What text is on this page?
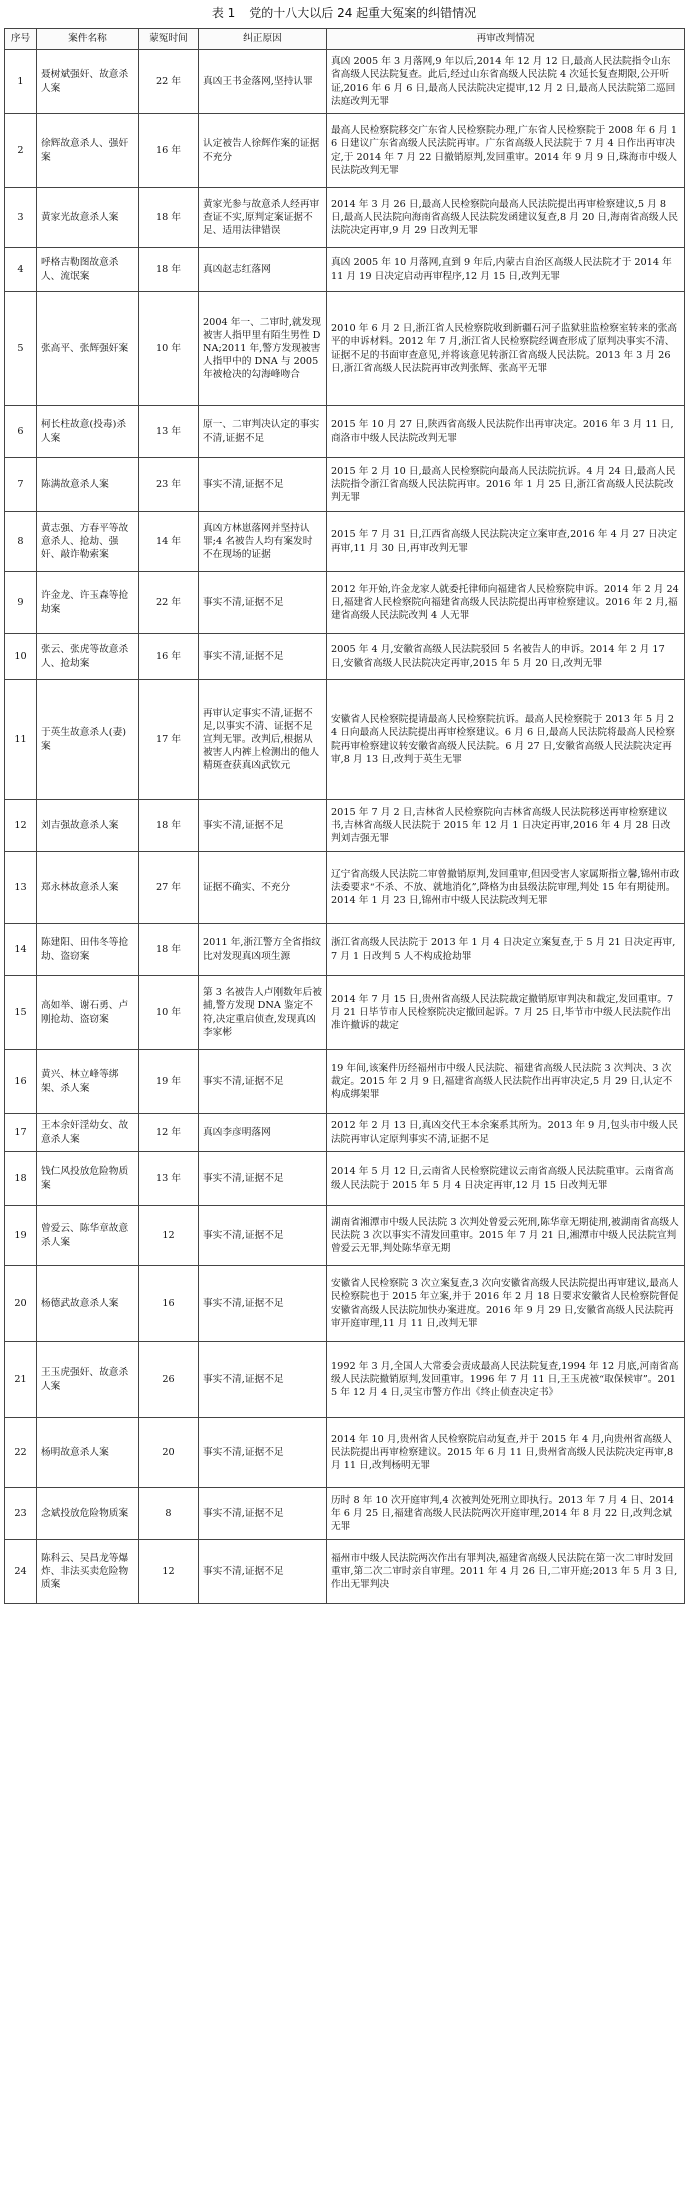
表 1 党的十八大以后 24 起重大冤案的纠错情况
序号	案件名称	蒙冤时间	纠正原因	再审改判情况
1	聂树斌强奸、故意杀人案	22 年	真凶王书金落网,坚持认罪	真凶 2005 年 3 月落网,9 年以后,2014 年 12 月 12 日,最高人民法院指令山东省高级人民法院复查。此后,经过山东省高级人民法院 4 次延长复查期限,公开听证,2016 年 6 月 6 日,最高人民法院决定提审,12 月 2 日,最高人民法院第二巡回法庭改判无罪
2	徐辉故意杀人、强奸案	16 年	认定被告人徐辉作案的证据不充分	最高人民检察院移交广东省人民检察院办理,广东省人民检察院于 2008 年 6 月 16 日建议广东省高级人民法院再审。广东省高级人民法院于 7 月 4 日作出再审决定,于 2014 年 7 月 22 日撤销原判,发回重审。2014 年 9 月 9 日,珠海市中级人民法院改判无罪
3	黄家光故意杀人案	18 年	黄家光参与故意杀人经再审查证不实,原判定案证据不足、适用法律错误	2014 年 3 月 26 日,最高人民检察院向最高人民法院提出再审检察建议,5 月 8 日,最高人民法院向海南省高级人民法院发函建议复查,8 月 20 日,海南省高级人民法院决定再审,9 月 29 日改判无罪
4	呼格吉勒图故意杀人、流氓案	18 年	真凶赵志红落网	真凶 2005 年 10 月落网,直到 9 年后,内蒙古自治区高级人民法院才于 2014 年 11 月 19 日决定启动再审程序,12 月 15 日,改判无罪
5	张高平、张辉强奸案	10 年	2004 年一、二审时,就发现被害人指甲里有陌生男性 DNA;2011 年,警方发现被害人指甲中的 DNA 与 2005 年被枪决的勾海峰吻合	2010 年 6 月 2 日,浙江省人民检察院收到新疆石河子监狱驻监检察室转来的张高平的申诉材料。2012 年 7 月,浙江省人民检察院经调查形成了原判决事实不清、证据不足的书面审查意见,并将该意见转浙江省高级人民法院。2013 年 3 月 26 日,浙江省高级人民法院再审改判张辉、张高平无罪
6	柯长柱故意(投毒)杀人案	13 年	原一、二审判决认定的事实不清,证据不足	2015 年 10 月 27 日,陕西省高级人民法院作出再审决定。2016 年 3 月 11 日,商洛市中级人民法院改判无罪
7	陈满故意杀人案	23 年	事实不清,证据不足	2015 年 2 月 10 日,最高人民检察院向最高人民法院抗诉。4 月 24 日,最高人民法院指令浙江省高级人民法院再审。2016 年 1 月 25 日,浙江省高级人民法院改判无罪
8	黄志强、方春平等故意杀人、抢劫、强奸、敲诈勒索案	14 年	真凶方林崽落网并坚持认罪;4 名被告人均有案发时不在现场的证据	2015 年 7 月 31 日,江西省高级人民法院决定立案审查,2016 年 4 月 27 日决定再审,11 月 30 日,再审改判无罪
9	许金龙、许玉森等抢劫案	22 年	事实不清,证据不足	2012 年开始,许金龙家人就委托律师向福建省人民检察院申诉。2014 年 2 月 24 日,福建省人民检察院向福建省高级人民法院提出再审检察建议。2016 年 2 月,福建省高级人民法院改判 4 人无罪
10	张云、张虎等故意杀人、抢劫案	16 年	事实不清,证据不足	2005 年 4 月,安徽省高级人民法院驳回 5 名被告人的申诉。2014 年 2 月 17 日,安徽省高级人民法院决定再审,2015 年 5 月 20 日,改判无罪
11	于英生故意杀人(妻)案	17 年	再审认定事实不清,证据不足,以事实不清、证据不足宣判无罪。改判后,根据从被害人内裤上检测出的他人精斑查获真凶武钦元	安徽省人民检察院提请最高人民检察院抗诉。最高人民检察院于 2013 年 5 月 24 日向最高人民法院提出再审检察建议。6 月 6 日,最高人民法院将最高人民检察院再审检察建议转安徽省高级人民法院。6 月 27 日,安徽省高级人民法院决定再审,8 月 13 日,改判于英生无罪
12	刘吉强故意杀人案	18 年	事实不清,证据不足	2015 年 7 月 2 日,吉林省人民检察院向吉林省高级人民法院移送再审检察建议书,吉林省高级人民法院于 2015 年 12 月 1 日决定再审,2016 年 4 月 28 日改判刘吉强无罪
13	郑永林故意杀人案	27 年	证据不确实、不充分	辽宁省高级人民法院二审曾撤销原判,发回重审,但因受害人家属斯指立馨,锦州市政法委要求“不杀、不放、就地消化”,降格为由县级法院审理,判处 15 年有期徒刑。2014 年 1 月 23 日,锦州市中级人民法院改判无罪
14	陈建阳、田伟冬等抢劫、盗窃案	18 年	2011 年,浙江警方全省指纹比对发现真凶项生源	浙江省高级人民法院于 2013 年 1 月 4 日决定立案复查,于 5 月 21 日决定再审,7 月 1 日改判 5 人不构成抢劫罪
15	高如举、谢石勇、卢刚抢劫、盗窃案	10 年	第 3 名被告人卢刚数年后被捕,警方发现 DNA 鉴定不符,决定重启侦查,发现真凶李家彬	2014 年 7 月 15 日,贵州省高级人民法院裁定撤销原审判决和裁定,发回重审。7 月 21 日毕节市人民检察院决定撤回起诉。7 月 25 日,毕节市中级人民法院作出准许撤诉的裁定
16	黄兴、林立峰等绑架、杀人案	19 年	事实不清,证据不足	19 年间,该案件历经福州市中级人民法院、福建省高级人民法院 3 次判决、3 次裁定。2015 年 2 月 9 日,福建省高级人民法院作出再审决定,5 月 29 日,认定不构成绑架罪
17	王本余奸淫幼女、故意杀人案	12 年	真凶李彦明落网	2012 年 2 月 13 日,真凶交代王本余案系其所为。2013 年 9 月,包头市中级人民法院再审认定原判事实不清,证据不足
18	钱仁风投放危险物质案	13 年	事实不清,证据不足	2014 年 5 月 12 日,云南省人民检察院建议云南省高级人民法院重审。云南省高级人民法院于 2015 年 5 月 4 日决定再审,12 月 15 日改判无罪
19	曾爱云、陈华章故意杀人案	12	事实不清,证据不足	湖南省湘潭市中级人民法院 3 次判处曾爱云死刑,陈华章无期徒刑,被湖南省高级人民法院 3 次以事实不清发回重审。2015 年 7 月 21 日,湘潭市中级人民法院宣判曾爱云无罪,判处陈华章无期
20	杨德武故意杀人案	16	事实不清,证据不足	安徽省人民检察院 3 次立案复查,3 次向安徽省高级人民法院提出再审建议,最高人民检察院也于 2015 年立案,并于 2016 年 2 月 18 日要求安徽省人民检察院督促安徽省高级人民法院加快办案进度。2016 年 9 月 29 日,安徽省高级人民法院再审开庭审理,11 月 11 日,改判无罪
21	王玉虎强奸、故意杀人案	26	事实不清,证据不足	1992 年 3 月,全国人大常委会责成最高人民法院复查,1994 年 12 月底,河南省高级人民法院撤销原判,发回重审。1996 年 7 月 11 日,王玉虎被“取保候审”。2015 年 12 月 4 日,灵宝市警方作出《终止侦查决定书》
22	杨明故意杀人案	20	事实不清,证据不足	2014 年 10 月,贵州省人民检察院启动复查,并于 2015 年 4 月,向贵州省高级人民法院提出再审检察建议。2015 年 6 月 11 日,贵州省高级人民法院决定再审,8 月 11 日,改判杨明无罪
23	念斌投放危险物质案	8	事实不清,证据不足	历时 8 年 10 次开庭审判,4 次被判处死刑立即执行。2013 年 7 月 4 日、2014 年 6 月 25 日,福建省高级人民法院两次开庭审理,2014 年 8 月 22 日,改判念斌无罪
24	陈科云、吴昌龙等爆炸、非法买卖危险物质案	12	事实不清,证据不足	福州市中级人民法院两次作出有罪判决,福建省高级人民法院在第一次二审时发回重审,第二次二审时亲自审理。2011 年 4 月 26 日,二审开庭;2013 年 5 月 3 日,作出无罪判决
